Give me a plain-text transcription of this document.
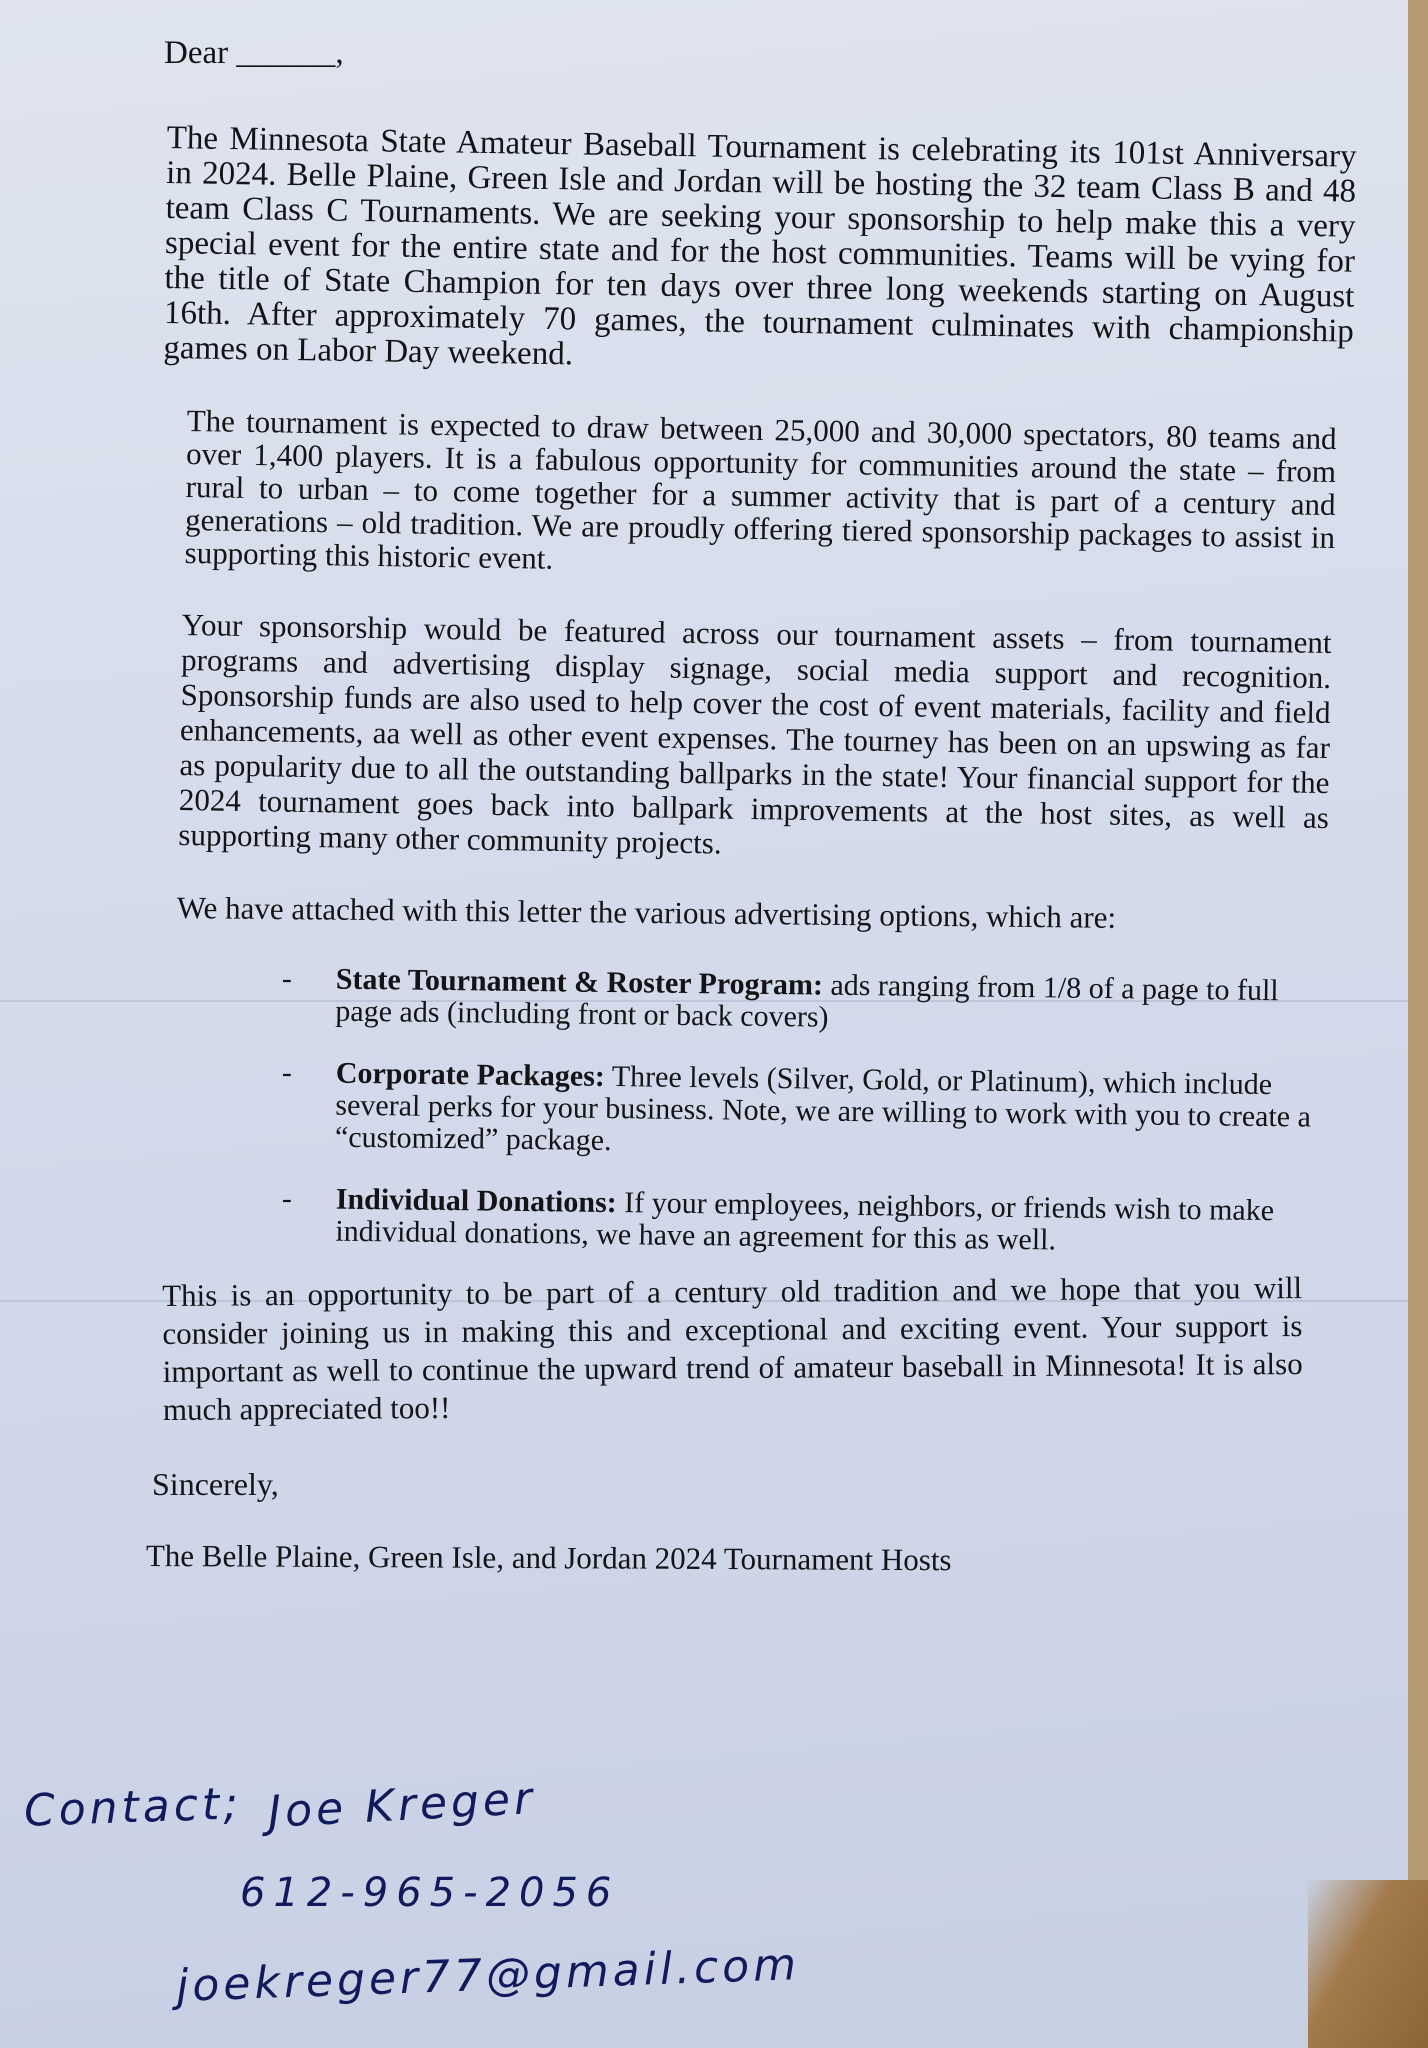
Dear ______,

The Minnesota State Amateur Baseball Tournament is celebrating its 101st Anniversary in 2024. Belle Plaine, Green Isle and Jordan will be hosting the 32 team Class B and 48 team Class C Tournaments. We are seeking your sponsorship to help make this a very special event for the entire state and for the host communities. Teams will be vying for the title of State Champion for ten days over three long weekends starting on August 16th. After approximately 70 games, the tournament culminates with championship games on Labor Day weekend.

The tournament is expected to draw between 25,000 and 30,000 spectators, 80 teams and over 1,400 players. It is a fabulous opportunity for communities around the state – from rural to urban – to come together for a summer activity that is part of a century and generations – old tradition. We are proudly offering tiered sponsorship packages to assist in supporting this historic event.

Your sponsorship would be featured across our tournament assets – from tournament programs and advertising display signage, social media support and recognition. Sponsorship funds are also used to help cover the cost of event materials, facility and field enhancements, aa well as other event expenses. The tourney has been on an upswing as far as popularity due to all the outstanding ballparks in the state! Your financial support for the 2024 tournament goes back into ballpark improvements at the host sites, as well as supporting many other community projects.

We have attached with this letter the various advertising options, which are:

- State Tournament & Roster Program: ads ranging from 1/8 of a page to full page ads (including front or back covers)
- Corporate Packages: Three levels (Silver, Gold, or Platinum), which include several perks for your business. Note, we are willing to work with you to create a “customized” package.
- Individual Donations: If your employees, neighbors, or friends wish to make individual donations, we have an agreement for this as well.

This is an opportunity to be part of a century old tradition and we hope that you will consider joining us in making this and exceptional and exciting event. Your support is important as well to continue the upward trend of amateur baseball in Minnesota! It is also much appreciated too!!

Sincerely,
The Belle Plaine, Green Isle, and Jordan 2024 Tournament Hosts
Contact; Joe Kreger
612-965-2056
joekreger77@gmail.com
